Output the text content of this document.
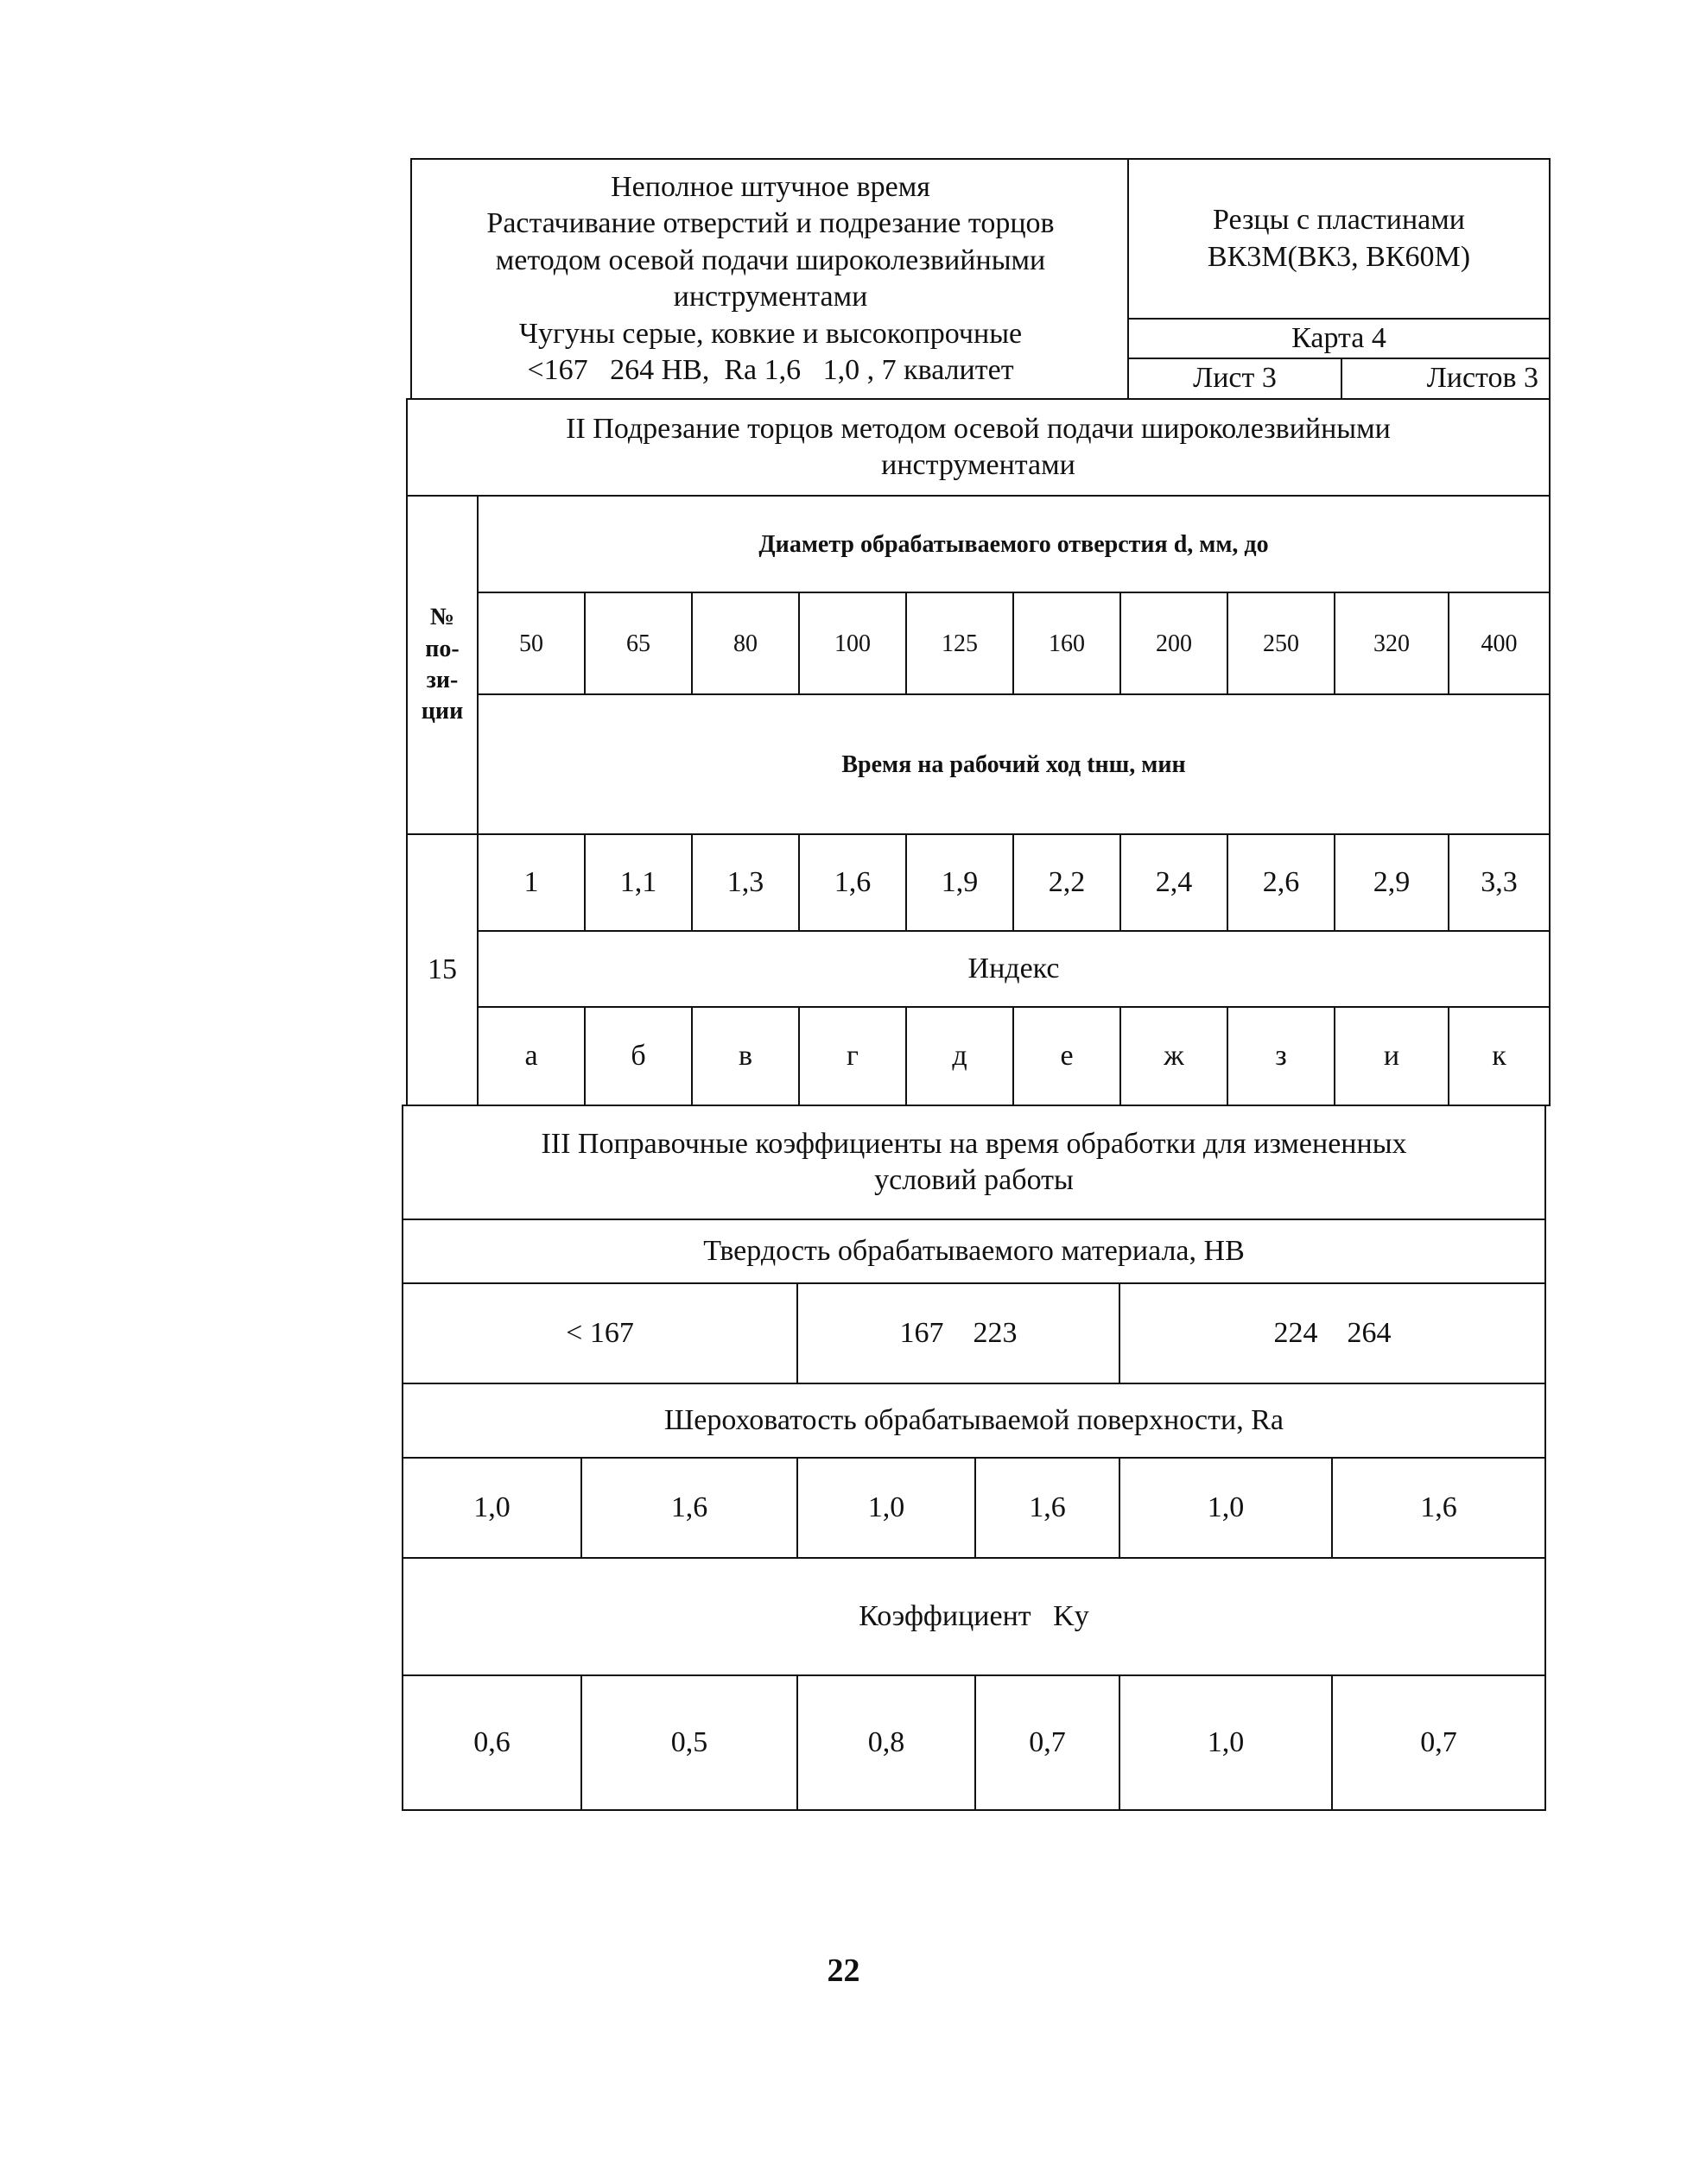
Неполное штучное время
Растачивание отверстий и подрезание торцов
методом осевой подачи широколезвийными
инструментами
Чугуны серые, ковкие и высокопрочные
<167   264 НВ,  Ra 1,6   1,0 , 7 квалитет
Резцы с пластинами
ВК3М(ВК3, ВК60М)
Карта 4
Лист 3	Листов 3
II Подрезание торцов методом осевой подачи широколезвийными
инструментами
№
по-
зи-
ции
15
Диаметр обрабатываемого отверстия d, мм, до
50	65	80	100	125	160	200	250	320	400
Время на рабочий ход tнш, мин
1	1,1	1,3	1,6	1,9	2,2	2,4	2,6	2,9	3,3
Индекс
а	б	в	г	д	е	ж	з	и	к
III Поправочные коэффициенты на время обработки для измененных
условий работы
Твердость обрабатываемого материала, НВ
< 167	167    223	224    264
Шероховатость обрабатываемой поверхности, Ra
1,0	1,6	1,0	1,6	1,0	1,6
Коэффициент   Kу
0,6	0,5	0,8	0,7	1,0	0,7
22
